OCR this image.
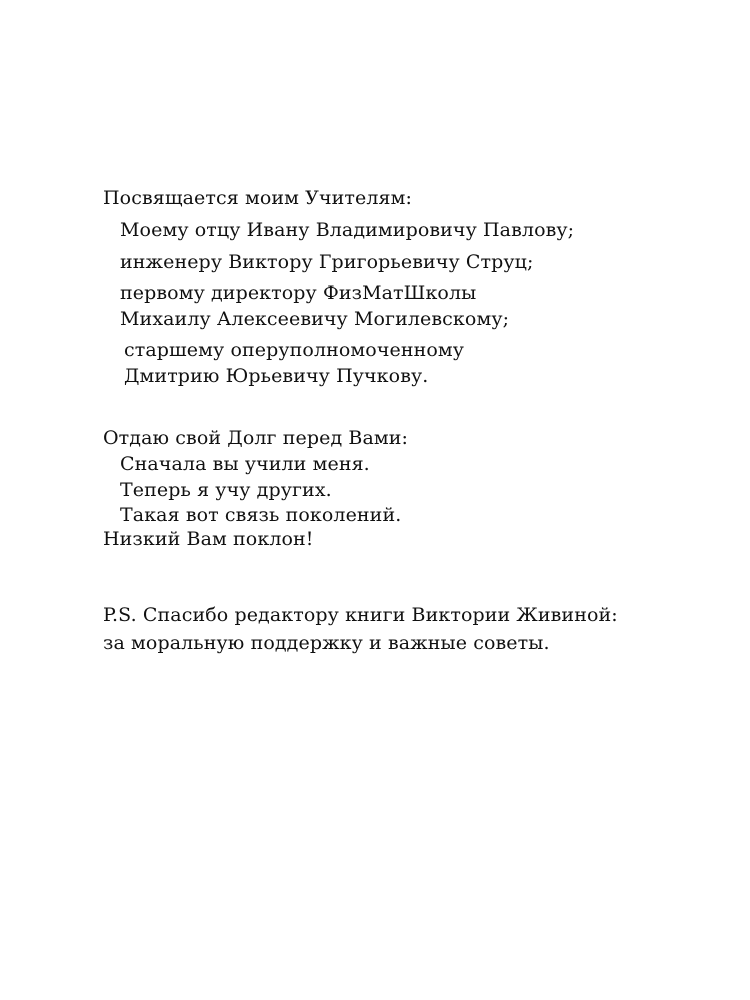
Посвящается моим Учителям:
Моему отцу Ивану Владимировичу Павлову;
инженеру Виктору Григорьевичу Струц;
первому директору ФизМатШколы
Михаилу Алексеевичу Могилевскому;
старшему оперуполномоченному
Дмитрию Юрьевичу Пучкову.
Отдаю свой Долг перед Вами:
Сначала вы учили меня.
Теперь я учу других.
Такая вот связь поколений.
Низкий Вам поклон!
P.S. Спасибо редактору книги Виктории Живиной:
за моральную поддержку и важные советы.
